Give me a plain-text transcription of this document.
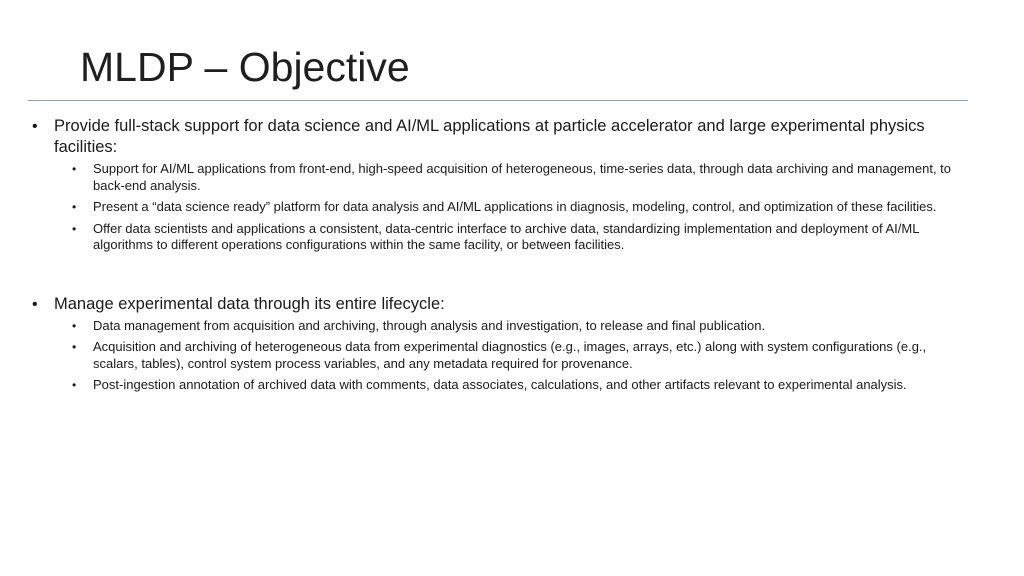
MLDP – Objective
• Provide full-stack support for data science and AI/ML applications at particle accelerator and large experimental physics facilities:
• Support for AI/ML applications from front-end, high-speed acquisition of heterogeneous, time-series data, through data archiving and management, to back-end analysis.
• Present a “data science ready” platform for data analysis and AI/ML applications in diagnosis, modeling, control, and optimization of these facilities.
• Offer data scientists and applications a consistent, data-centric interface to archive data, standardizing implementation and deployment of AI/ML algorithms to different operations configurations within the same facility, or between facilities.
• Manage experimental data through its entire lifecycle:
• Data management from acquisition and archiving, through analysis and investigation, to release and final publication.
• Acquisition and archiving of heterogeneous data from experimental diagnostics (e.g., images, arrays, etc.) along with system configurations (e.g., scalars, tables), control system process variables, and any metadata required for provenance.
• Post-ingestion annotation of archived data with comments, data associates, calculations, and other artifacts relevant to experimental analysis.
